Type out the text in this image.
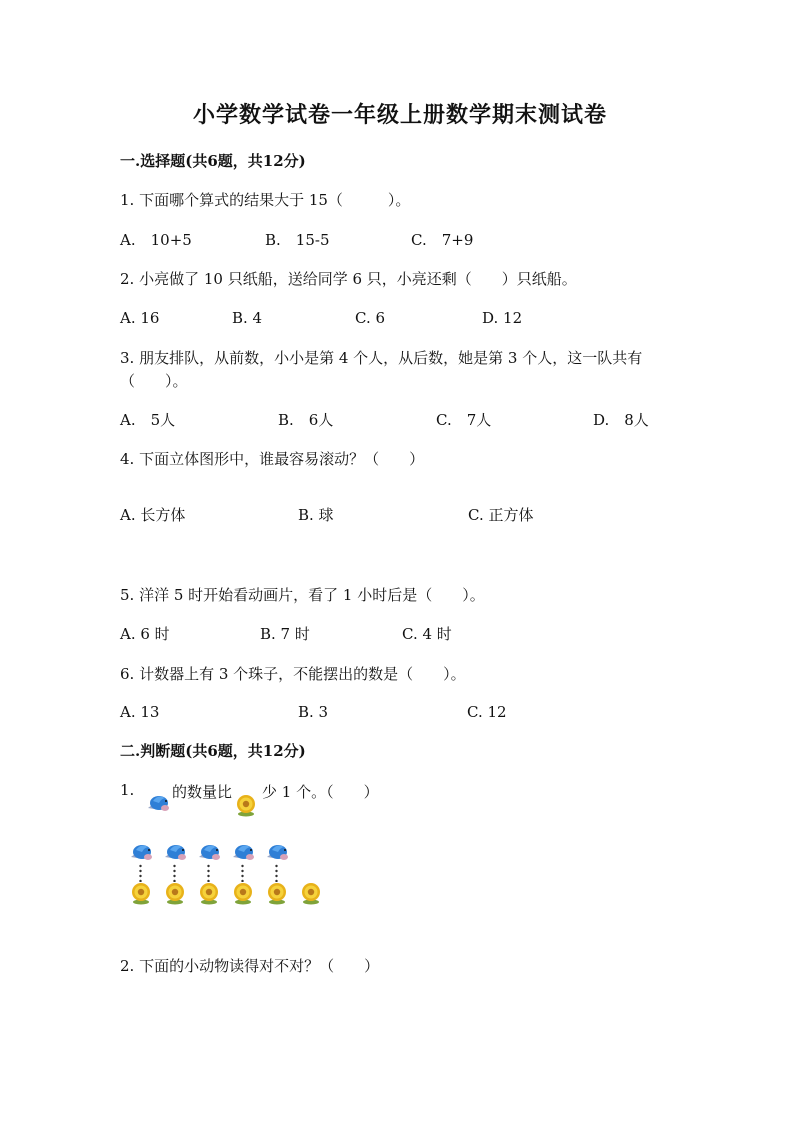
小学数学试卷一年级上册数学期末测试卷
一.选择题(共6题，共12分)
1. 下面哪个算式的结果大于 15（　　　）。
A.　10+5	B.　15-5	C.　7+9
2. 小亮做了 10 只纸船，送给同学 6 只，小亮还剩（　　）只纸船。
A. 16	B. 4	C. 6	D. 12
3. 朋友排队，从前数，小小是第 4 个人，从后数，她是第 3 个人，这一队共有
（　　）。
A.　5人	B.　6人	C.　7人	D.　8人
4. 下面立体图形中，谁最容易滚动？（　　）
A. 长方体	B. 球	C. 正方体
5. 洋洋 5 时开始看动画片，看了 1 小时后是（　　）。
A. 6 时	B. 7 时	C. 4 时
6. 计数器上有 3 个珠子，不能摆出的数是（　　）。
A. 13	B. 3	C. 12
二.判断题(共6题，共12分)
1.	的数量比 少 1 个。（　　）
2. 下面的小动物读得对不对？（　　）
